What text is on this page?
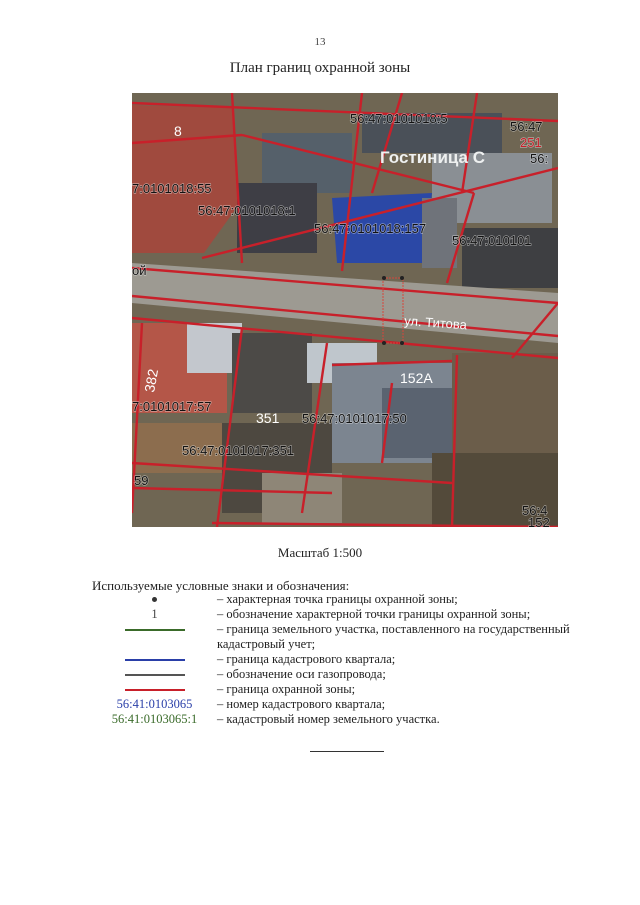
13
План границ охранной зоны
8
351
382	152А
56:47:0101018:5
56:47
7:0101018:55
56:47:0101018:1
56:47:0101018:157
56:47:010101
7:0101017:57
56:47:0101017:50
56:47:0101017:351
59
56:4
Гостиница С
ул. Титова
56:
251
ой
152
Масштаб 1:500
Используемые условные знаки и обозначения:
– характерная точка границы охранной зоны;
1	– обозначение характерной точки границы охранной зоны;
– граница земельного участка, поставленного на государственный кадастровый учет;
– граница кадастрового квартала;
– обозначение оси газопровода;
– граница охранной зоны;
56:41:0103065	– номер кадастрового квартала;
56:41:0103065:1	– кадастровый номер земельного участка.
